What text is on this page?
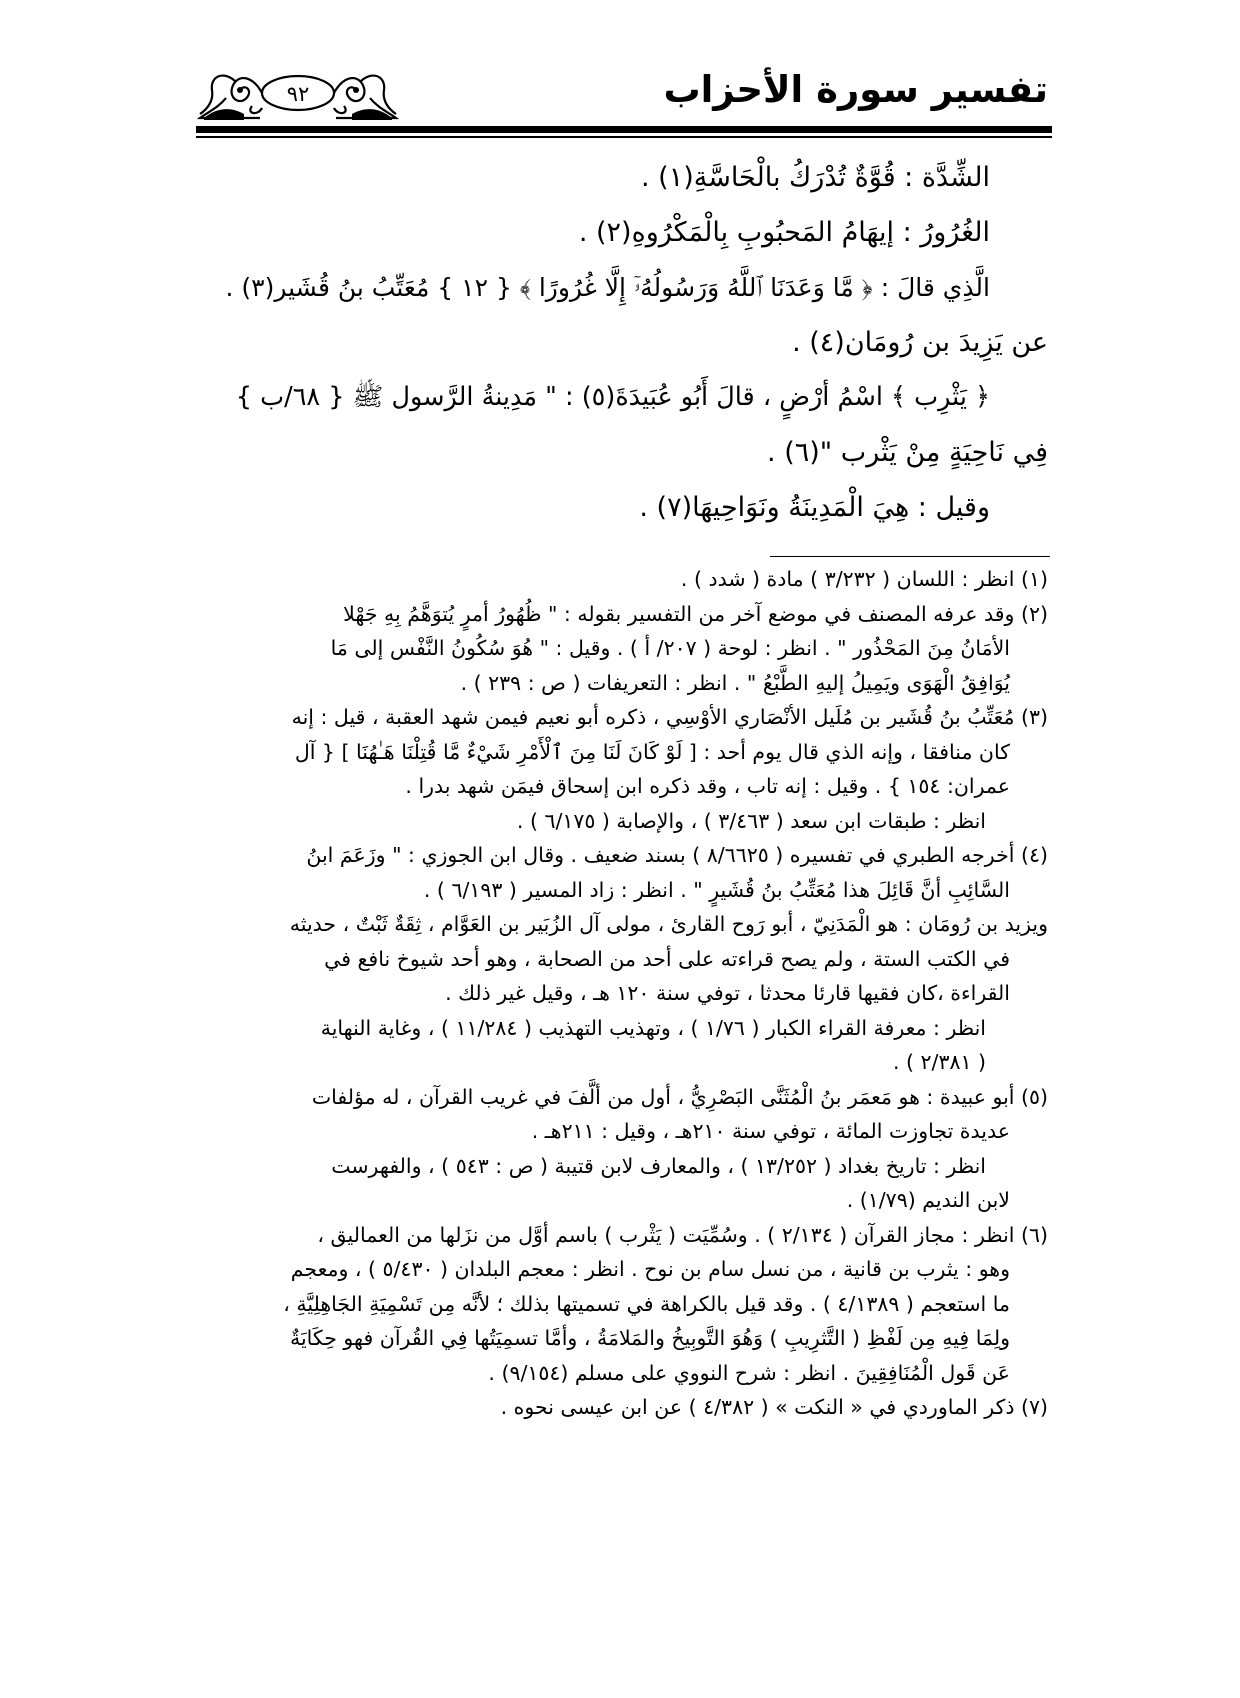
تفسير سورة الأحزاب
٩٢
الشِّدَّة : قُوَّةٌ تُدْرَكُ بالْحَاسَّةِ(١) .
الغُرُورُ : إيهَامُ المَحبُوبِ بِالْمَكْرُوهِ(٢) .
الَّذِي قالَ : ﴿ مَّا وَعَدَنَا ٱللَّهُ وَرَسُولُهُۥٓ إِلَّا غُرُورًا ﴾ { ١٢ } مُعَتِّبُ بنُ قُشَير(٣) .
عن يَزِيدَ بن رُومَان(٤) .
﴿ يَثْرِب ﴾ اسْمُ أرْضٍ ، قالَ أَبُو عُبَيدَةَ(٥) : " مَدِينةُ الرَّسول ﷺ { ٦٨/ب }
فِي نَاحِيَةٍ مِنْ يَثْرب "(٦) .
وقيل : هِيَ الْمَدِينَةُ ونَوَاحِيهَا(٧) .
(١) انظر : اللسان ( ٣/٢٣٢ ) مادة ( شدد ) .
(٢) وقد عرفه المصنف في موضع آخر من التفسير بقوله : " ظُهُورُ أمرٍ يُتوَهَّمُ بِهِ جَهْلا
الأمَانُ مِنَ المَحْذُور " . انظر : لوحة ( ٢٠٧/ أ ) . وقيل : " هُوَ سُكُونُ النَّفْس إلى مَا
يُوَافِقُ الْهَوَى ويَمِيلُ إليهِ الطَّبْعُ " . انظر : التعريفات ( ص : ٢٣٩ ) .
(٣) مُعَتِّبُ بنُ قُشَير بن مُلَيل الأنْصَاري الأوْسِي ، ذكره أبو نعيم فيمن شهد العقبة ، قيل : إنه
كان منافقا ، وإنه الذي قال يوم أحد : [ لَوْ كَانَ لَنَا مِنَ ٱلْأَمْرِ شَيْءٌ مَّا قُتِلْنَا هَـٰهُنَا ] { آل
عمران: ١٥٤ } . وقيل : إنه تاب ، وقد ذكره ابن إسحاق فيمَن شهد بدرا .
انظر : طبقات ابن سعد ( ٣/٤٦٣ ) ، والإصابة ( ٦/١٧٥ ) .
(٤) أخرجه الطبري في تفسيره ( ٨/٦٦٢٥ ) بسند ضعيف . وقال ابن الجوزي : " وزَعَمَ ابنُ
السَّائِبِ أنَّ قَائِلَ هذا مُعَتِّبُ بنُ قُشَيرٍ " . انظر : زاد المسير ( ٦/١٩٣ ) .
ويزيد بن رُومَان : هو الْمَدَنِيّ ، أبو رَوح القارئ ، مولى آل الزُبَير بن العَوَّام ، ثِقَةٌ ثَبْتٌ ، حديثه
في الكتب الستة ، ولم يصح قراءته على أحد من الصحابة ، وهو أحد شيوخ نافع في
القراءة ،كان فقيها قارئا محدثا ، توفي سنة ١٢٠ هـ ، وقيل غير ذلك .
انظر : معرفة القراء الكبار ( ١/٧٦ ) ، وتهذيب التهذيب ( ١١/٢٨٤ ) ، وغاية النهاية
( ٢/٣٨١ ) .
(٥) أبو عبيدة : هو مَعمَر بنُ الْمُثَنَّى البَصْرِيُّ ، أول من ألَّفَ في غريب القرآن ، له مؤلفات
عديدة تجاوزت المائة ، توفي سنة ٢١٠هـ ، وقيل : ٢١١هـ .
انظر : تاريخ بغداد ( ١٣/٢٥٢ ) ، والمعارف لابن قتيبة ( ص : ٥٤٣ ) ، والفهرست
لابن النديم (١/٧٩) .
(٦) انظر : مجاز القرآن ( ٢/١٣٤ ) . وسُمِّيَت ( يَثْرب ) باسم أوَّل من نزَلها من العماليق ،
وهو : يثرب بن قانية ، من نسل سام بن نوح . انظر : معجم البلدان ( ٥/٤٣٠ ) ، ومعجم
ما استعجم ( ٤/١٣٨٩ ) . وقد قيل بالكراهة في تسميتها بذلك ؛ لأنَّه مِن تَسْمِيَةِ الجَاهِلِيَّةِ ،
ولِمَا فِيهِ مِن لَفْظِ ( التَّثرِيبِ ) وَهُوَ التَّوبِيخُ والمَلامَةُ ، وأمَّا تسمِيَتُها فِي القُرآن فهو حِكَايَةٌ
عَن قَول الْمُنَافِقِينَ . انظر : شرح النووي على مسلم (٩/١٥٤) .
(٧) ذكر الماوردي في « النكت » ( ٤/٣٨٢ ) عن ابن عيسى نحوه .
